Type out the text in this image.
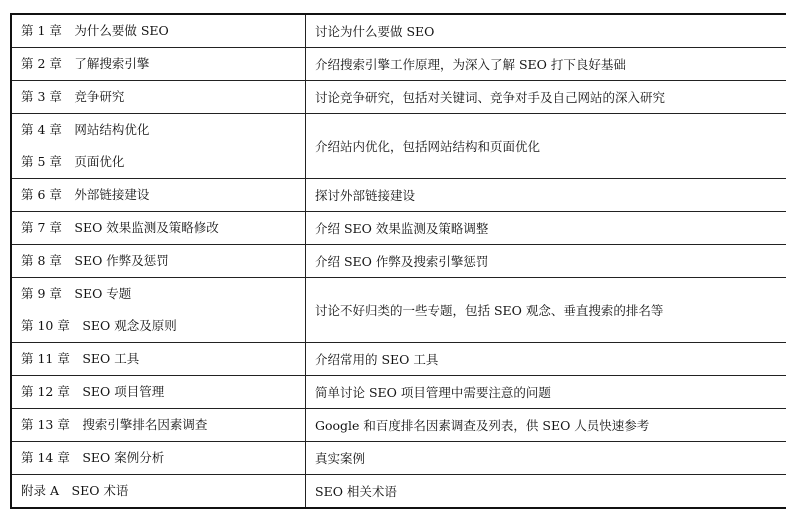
第 1 章　为什么要做 SEO	讨论为什么要做 SEO

第 2 章　了解搜索引擎	介绍搜索引擎工作原理，为深入了解 SEO 打下良好基础

第 3 章　竞争研究	讨论竞争研究，包括对关键词、竞争对手及自己网站的深入研究

第 4 章　网站结构优化
第 5 章　页面优化	介绍站内优化，包括网站结构和页面优化

第 6 章　外部链接建设	探讨外部链接建设

第 7 章　SEO 效果监测及策略修改	介绍 SEO 效果监测及策略调整

第 8 章　SEO 作弊及惩罚	介绍 SEO 作弊及搜索引擎惩罚

第 9 章　SEO 专题
第 10 章　SEO 观念及原则	讨论不好归类的一些专题，包括 SEO 观念、垂直搜索的排名等

第 11 章　SEO 工具	介绍常用的 SEO 工具

第 12 章　SEO 项目管理	简单讨论 SEO 项目管理中需要注意的问题

第 13 章　搜索引擎排名因素调查	Google 和百度排名因素调查及列表，供 SEO 人员快速参考

第 14 章　SEO 案例分析	真实案例

附录 A　SEO 术语	SEO 相关术语
